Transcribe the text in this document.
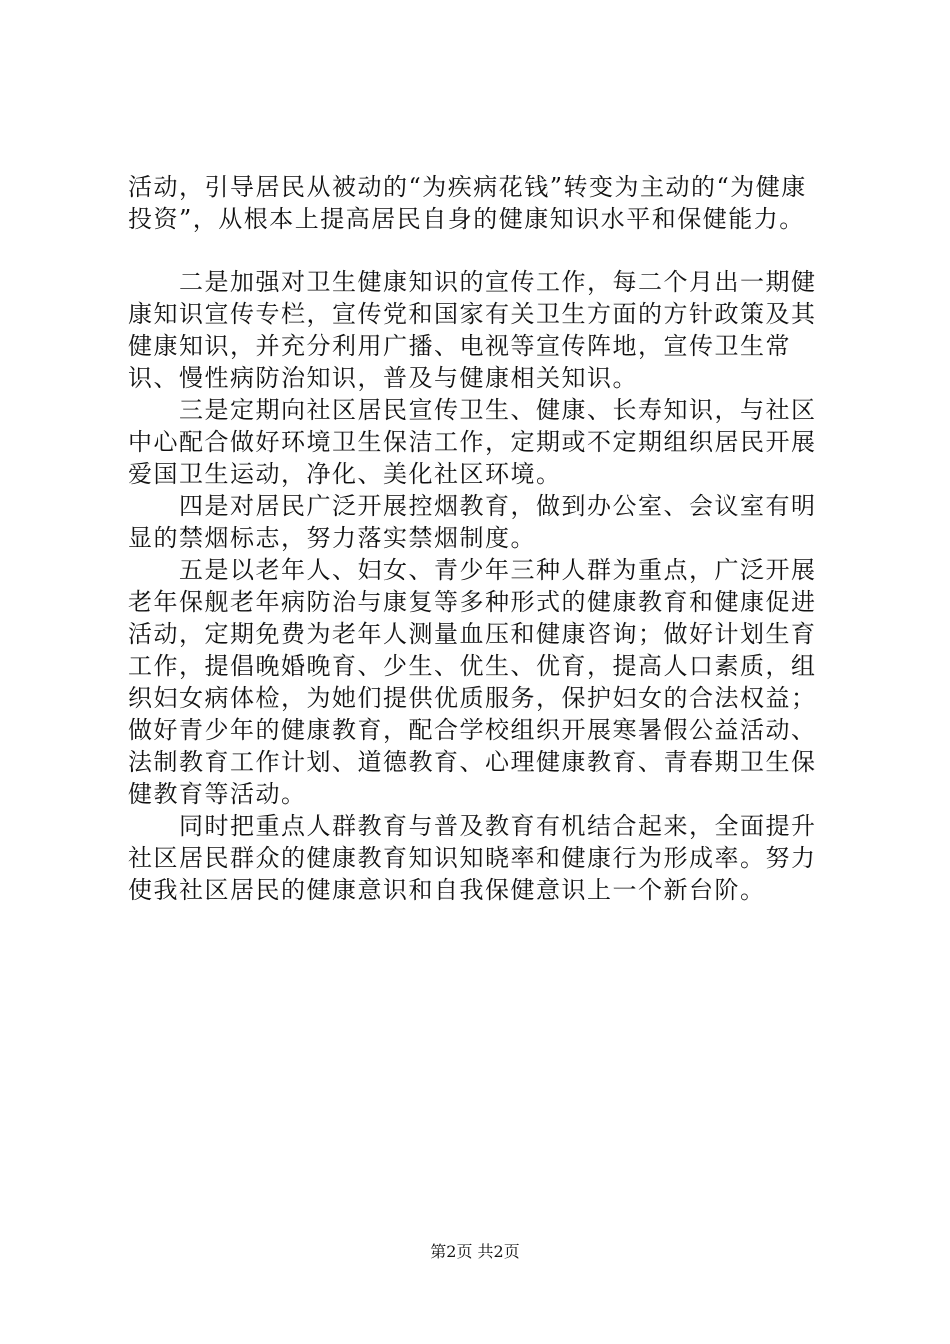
活动，引导居民从被动的“为疾病花钱”转变为主动的“为健康投资”，从根本上提高居民自身的健康知识水平和保健能力。

二是加强对卫生健康知识的宣传工作，每二个月出一期健康知识宣传专栏，宣传党和国家有关卫生方面的方针政策及其健康知识，并充分利用广播、电视等宣传阵地，宣传卫生常识、慢性病防治知识，普及与健康相关知识。

三是定期向社区居民宣传卫生、健康、长寿知识，与社区中心配合做好环境卫生保洁工作，定期或不定期组织居民开展爱国卫生运动，净化、美化社区环境。

四是对居民广泛开展控烟教育，做到办公室、会议室有明显的禁烟标志，努力落实禁烟制度。

五是以老年人、妇女、青少年三种人群为重点，广泛开展老年保舰老年病防治与康复等多种形式的健康教育和健康促进活动，定期免费为老年人测量血压和健康咨询；做好计划生育工作，提倡晚婚晚育、少生、优生、优育，提高人口素质，组织妇女病体检，为她们提供优质服务，保护妇女的合法权益；做好青少年的健康教育，配合学校组织开展寒暑假公益活动、法制教育工作计划、道德教育、心理健康教育、青春期卫生保健教育等活动。

同时把重点人群教育与普及教育有机结合起来，全面提升社区居民群众的健康教育知识知晓率和健康行为形成率。努力使我社区居民的健康意识和自我保健意识上一个新台阶。

第2页 共2页
